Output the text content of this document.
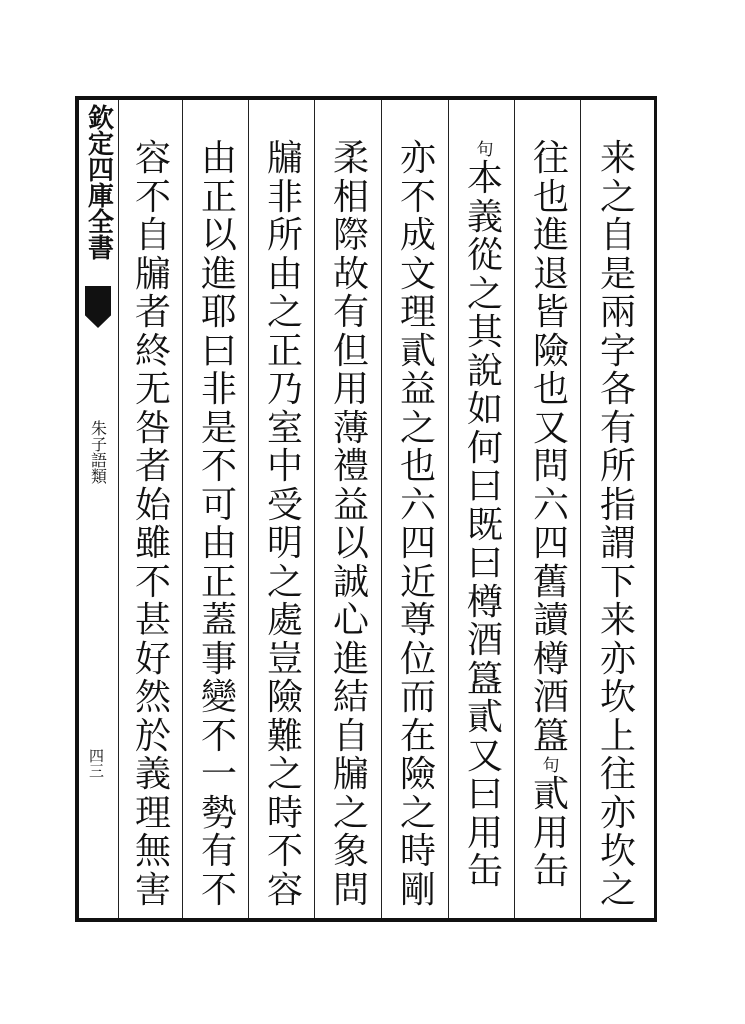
欽定四庫全書
朱子語類
四三
来
之
自
是
兩
字
各
有
所
指
謂
下
来
亦
坎
上
往
亦
坎
之
往
也
進
退
皆
險
也
又
問
六
四
舊
讀
樽
酒
簋
句
貳
用
缶
句
本
義
從
之
其
說
如
何
曰
既
曰
樽
酒
簋
貳
又
曰
用
缶
亦
不
成
文
理
貳
益
之
也
六
四
近
尊
位
而
在
險
之
時
剛
柔
相
際
故
有
但
用
薄
禮
益
以
誠
心
進
結
自
牖
之
象
問
牖
非
所
由
之
正
乃
室
中
受
明
之
處
豈
險
難
之
時
不
容
由
正
以
進
耶
曰
非
是
不
可
由
正
蓋
事
變
不
一
勢
有
不
容
不
自
牖
者
終
无
咎
者
始
雖
不
甚
好
然
於
義
理
無
害
